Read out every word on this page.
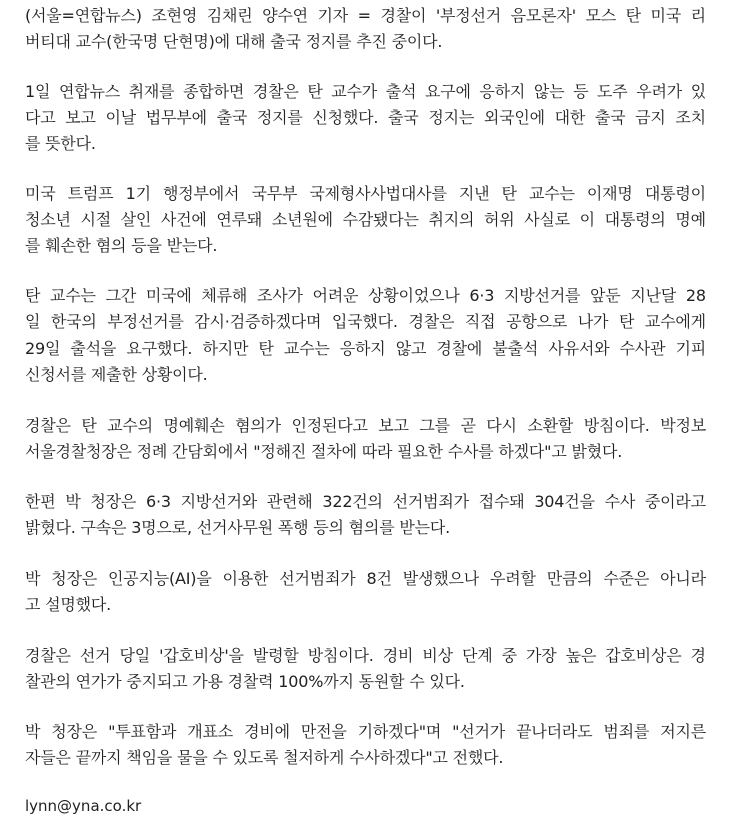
(서울=연합뉴스) 조현영 김채린 양수연 기자 = 경찰이 '부정선거 음모론자' 모스 탄 미국 리
버티대 교수(한국명 단현명)에 대해 출국 정지를 추진 중이다.
1일 연합뉴스 취재를 종합하면 경찰은 탄 교수가 출석 요구에 응하지 않는 등 도주 우려가 있
다고 보고 이날 법무부에 출국 정지를 신청했다. 출국 정지는 외국인에 대한 출국 금지 조치
를 뜻한다.
미국 트럼프 1기 행정부에서 국무부 국제형사사법대사를 지낸 탄 교수는 이재명 대통령이
청소년 시절 살인 사건에 연루돼 소년원에 수감됐다는 취지의 허위 사실로 이 대통령의 명예
를 훼손한 혐의 등을 받는다.
탄 교수는 그간 미국에 체류해 조사가 어려운 상황이었으나 6·3 지방선거를 앞둔 지난달 28
일 한국의 부정선거를 감시·검증하겠다며 입국했다. 경찰은 직접 공항으로 나가 탄 교수에게
29일 출석을 요구했다. 하지만 탄 교수는 응하지 않고 경찰에 불출석 사유서와 수사관 기피
신청서를 제출한 상황이다.
경찰은 탄 교수의 명예훼손 혐의가 인정된다고 보고 그를 곧 다시 소환할 방침이다. 박정보
서울경찰청장은 정례 간담회에서 "정해진 절차에 따라 필요한 수사를 하겠다"고 밝혔다.
한편 박 청장은 6·3 지방선거와 관련해 322건의 선거범죄가 접수돼 304건을 수사 중이라고
밝혔다. 구속은 3명으로, 선거사무원 폭행 등의 혐의를 받는다.
박 청장은 인공지능(AI)을 이용한 선거범죄가 8건 발생했으나 우려할 만큼의 수준은 아니라
고 설명했다.
경찰은 선거 당일 '갑호비상'을 발령할 방침이다. 경비 비상 단계 중 가장 높은 갑호비상은 경
찰관의 연가가 중지되고 가용 경찰력 100%까지 동원할 수 있다.
박 청장은 "투표함과 개표소 경비에 만전을 기하겠다"며 "선거가 끝나더라도 범죄를 저지른
자들은 끝까지 책임을 물을 수 있도록 철저하게 수사하겠다"고 전했다.
lynn@yna.co.kr
